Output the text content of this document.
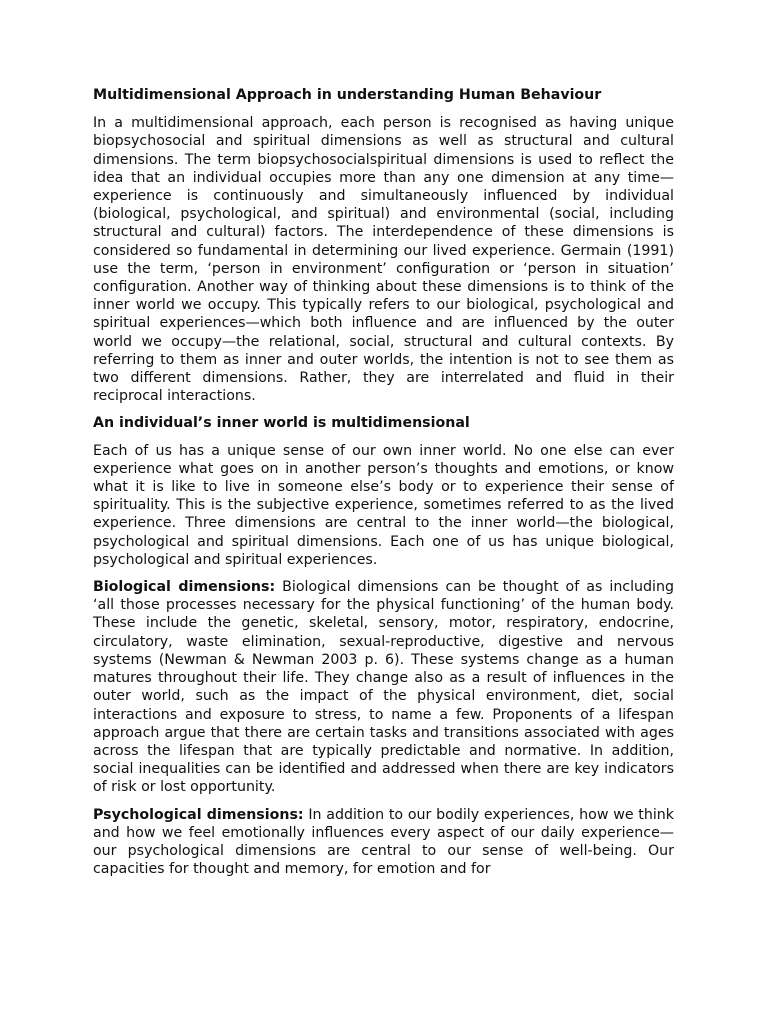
Multidimensional Approach in understanding Human Behaviour

In a multidimensional approach, each person is recognised as having unique biopsychosocial and spiritual dimensions as well as structural and cultural dimensions. The term biopsychosocialspiritual dimensions is used to reflect the idea that an individual occupies more than any one dimension at any time—experience is continuously and simultaneously influenced by individual (biological, psychological, and spiritual) and environmental (social, including structural and cultural) factors. The interdependence of these dimensions is considered so fundamental in determining our lived experience. Germain (1991) use the term, ‘person in environment’ configuration or ‘person in situation’ configuration. Another way of thinking about these dimensions is to think of the inner world we occupy. This typically refers to our biological, psychological and spiritual experiences—which both influence and are influenced by the outer world we occupy—the relational, social, structural and cultural contexts. By referring to them as inner and outer worlds, the intention is not to see them as two different dimensions. Rather, they are interrelated and fluid in their reciprocal interactions.

An individual’s inner world is multidimensional

Each of us has a unique sense of our own inner world. No one else can ever experience what goes on in another person’s thoughts and emotions, or know what it is like to live in someone else’s body or to experience their sense of spirituality. This is the subjective experience, sometimes referred to as the lived experience. Three dimensions are central to the inner world—the biological, psychological and spiritual dimensions. Each one of us has unique biological, psychological and spiritual experiences.

Biological dimensions: Biological dimensions can be thought of as including ‘all those processes necessary for the physical functioning’ of the human body. These include the genetic, skeletal, sensory, motor, respiratory, endocrine, circulatory, waste elimination, sexual-reproductive, digestive and nervous systems (Newman & Newman 2003 p. 6). These systems change as a human matures throughout their life. They change also as a result of influences in the outer world, such as the impact of the physical environment, diet, social interactions and exposure to stress, to name a few. Proponents of a lifespan approach argue that there are certain tasks and transitions associated with ages across the lifespan that are typically predictable and normative. In addition, social inequalities can be identified and addressed when there are key indicators of risk or lost opportunity.

Psychological dimensions: In addition to our bodily experiences, how we think and how we feel emotionally influences every aspect of our daily experience—our psychological dimensions are central to our sense of well-being. Our capacities for thought and memory, for emotion and for
